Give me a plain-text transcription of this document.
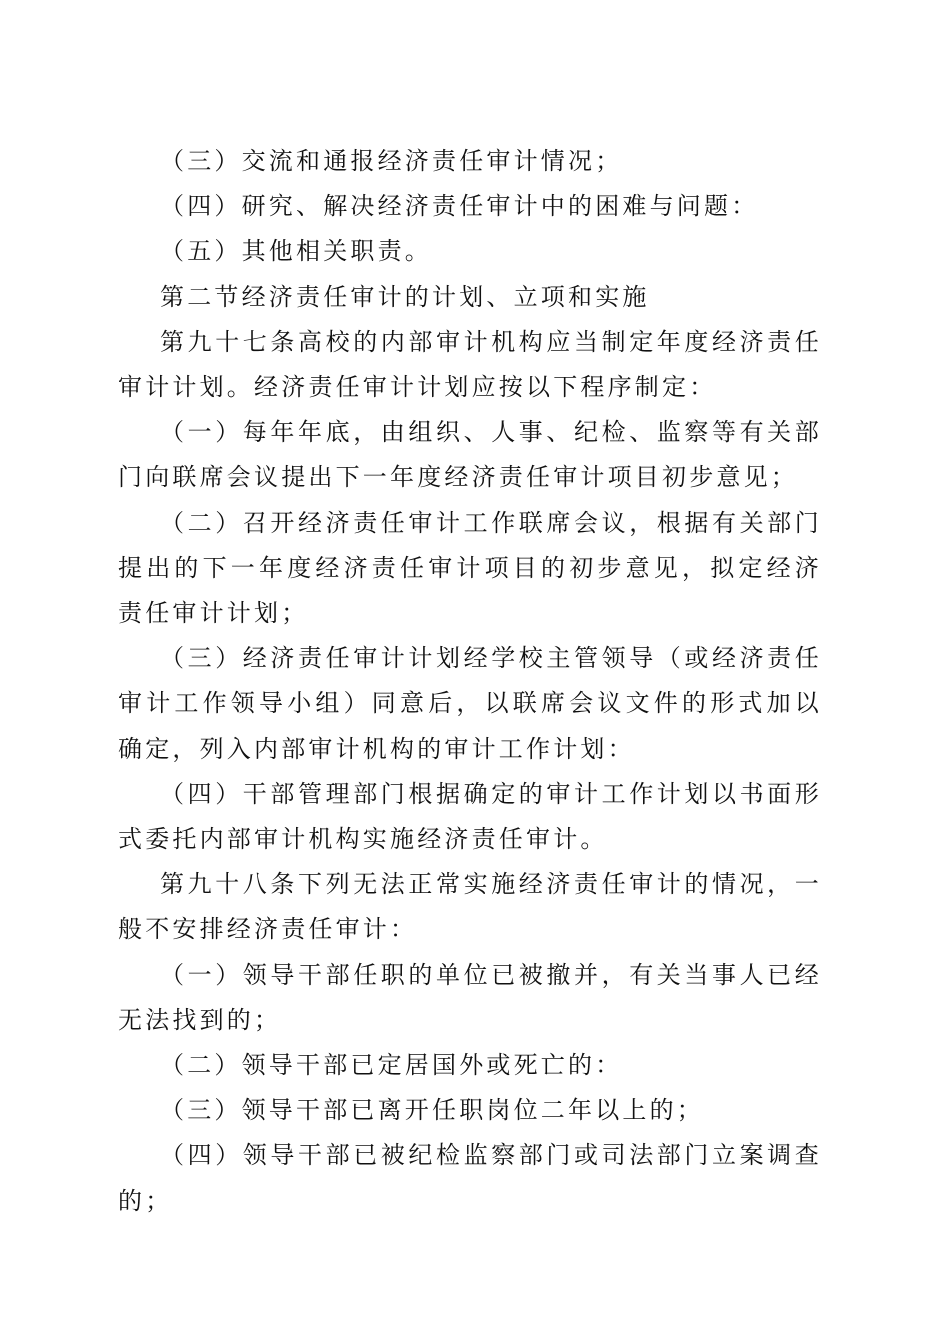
（三）交流和通报经济责任审计情况；

（四）研究、解决经济责任审计中的困难与问题：

（五）其他相关职责。

第二节经济责任审计的计划、立项和实施

第九十七条高校的内部审计机构应当制定年度经济责任审计计划。经济责任审计计划应按以下程序制定：

（一）每年年底，由组织、人事、纪检、监察等有关部门向联席会议提出下一年度经济责任审计项目初步意见；

（二）召开经济责任审计工作联席会议，根据有关部门提出的下一年度经济责任审计项目的初步意见，拟定经济责任审计计划；

（三）经济责任审计计划经学校主管领导（或经济责任审计工作领导小组）同意后，以联席会议文件的形式加以确定，列入内部审计机构的审计工作计划：

（四）干部管理部门根据确定的审计工作计划以书面形式委托内部审计机构实施经济责任审计。

第九十八条下列无法正常实施经济责任审计的情况，一般不安排经济责任审计：

（一）领导干部任职的单位已被撤并，有关当事人已经无法找到的；

（二）领导干部已定居国外或死亡的：

（三）领导干部已离开任职岗位二年以上的；

（四）领导干部已被纪检监察部门或司法部门立案调查的；
